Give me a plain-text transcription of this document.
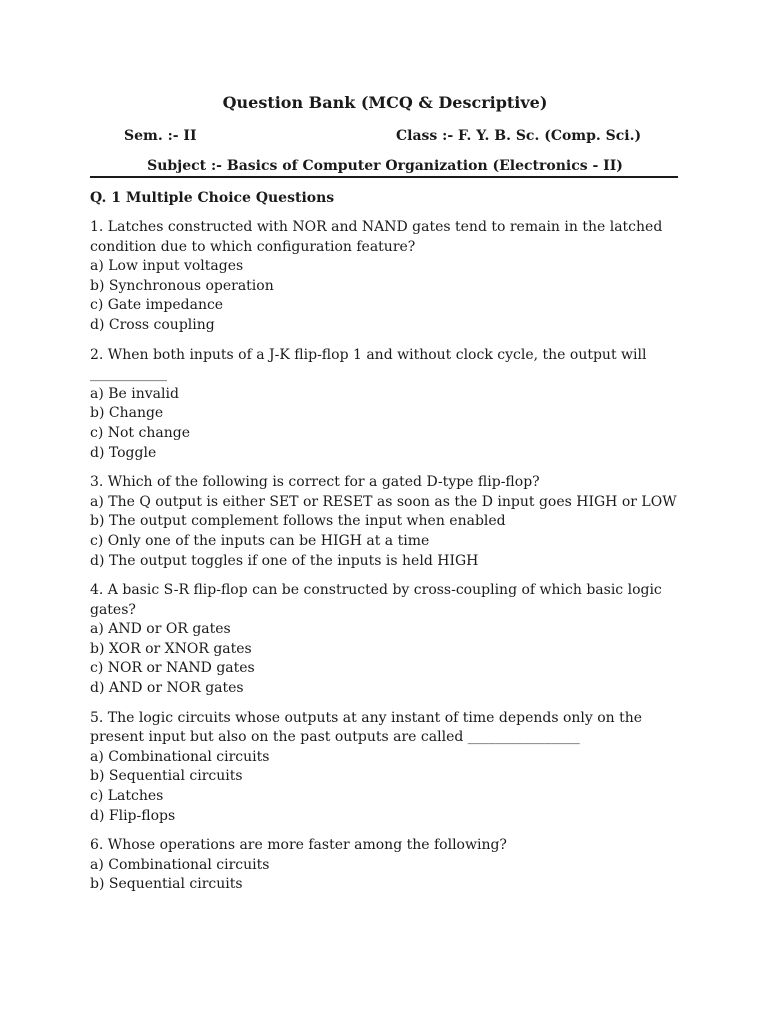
Question Bank (MCQ & Descriptive)
Sem. :- II	Class :- F. Y. B. Sc. (Comp. Sci.)
Subject :- Basics of Computer Organization (Electronics - II)
Q. 1 Multiple Choice Questions
1. Latches constructed with NOR and NAND gates tend to remain in the latched condition due to which configuration feature?
a) Low input voltages
b) Synchronous operation
c) Gate impedance
d) Cross coupling
2. When both inputs of a J-K flip-flop 1 and without clock cycle, the output will ___________
a) Be invalid
b) Change
c) Not change
d) Toggle
3. Which of the following is correct for a gated D-type flip-flop?
a) The Q output is either SET or RESET as soon as the D input goes HIGH or LOW
b) The output complement follows the input when enabled
c) Only one of the inputs can be HIGH at a time
d) The output toggles if one of the inputs is held HIGH
4. A basic S-R flip-flop can be constructed by cross-coupling of which basic logic gates?
a) AND or OR gates
b) XOR or XNOR gates
c) NOR or NAND gates
d) AND or NOR gates
5. The logic circuits whose outputs at any instant of time depends only on the present input but also on the past outputs are called ________________
a) Combinational circuits
b) Sequential circuits
c) Latches
d) Flip-flops
6. Whose operations are more faster among the following?
a) Combinational circuits
b) Sequential circuits
